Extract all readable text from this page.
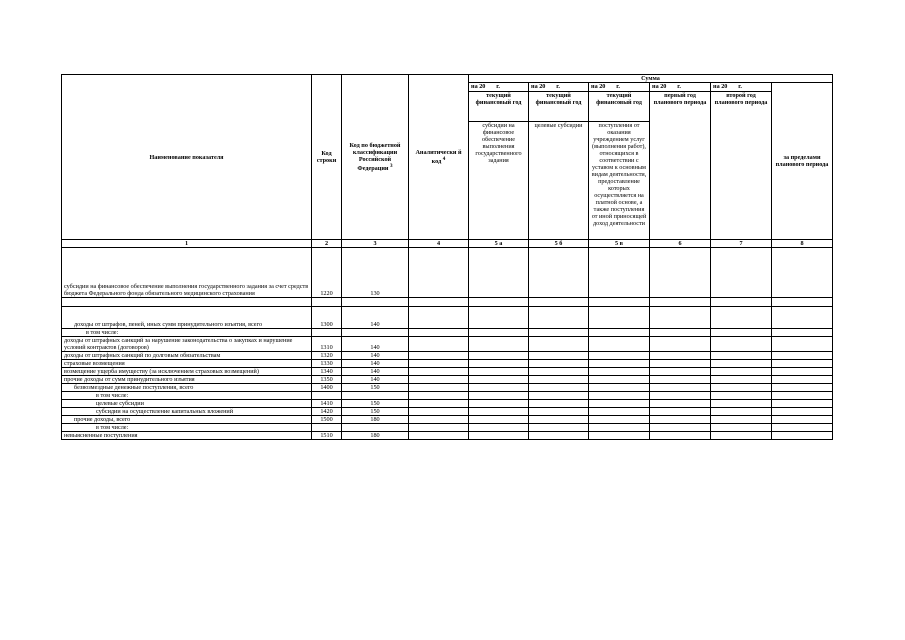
Наименование показателя	Код строки	Код по бюджетной классификации Российской Федерации $^3$	Аналитически й код $^4$	Сумма					
				на 20 г.	на 20 г.	на 20 г.	на 20 г.	на 20 г.	за пределами планового периода
				текущий финансовый год	текущий финансовый год	текущий финансовый год	первый год планового периода	второй год планового периода	
				субсидии на финансовое обеспечение выполнения государственного задания	целевые субсидии	поступления от оказания учреждением услуг (выполнения работ), относящихся в соответствии с уставом к основным видам деятельности, предоставление которых осуществляется на платной основе, а также поступления от иной приносящей доход деятельности			

1	2	3	4	5 а	5 б	5 в	6	7	8
субсидии на финансовое обеспечение выполнения государственного задания за счет средств бюджета Федерального фонда обязательного медицинского страхования	1220	130							

доходы от штрафов, пеней, иных сумм принудительного изъятия, всего	1300	140							
в том числе:									
доходы от штрафных санкций за нарушение законодательства о закупках и нарушение условий контрактов (договоров)	1310	140							
доходы от штрафных санкций по долговым обязательствам	1320	140							
страховые возмещения	1330	140							
возмещение ущерба имуществу (за исключением страховых возмещений)	1340	140							
прочие доходы от сумм принудительного изъятия	1350	140							
безвозмездные денежные поступления, всего	1400	150							
в том числе:									
целевые субсидии	1410	150							
субсидии на осуществление капитальных вложений	1420	150							
прочие доходы, всего	1500	180							
в том числе:									
невыясненные поступления	1510	180							
